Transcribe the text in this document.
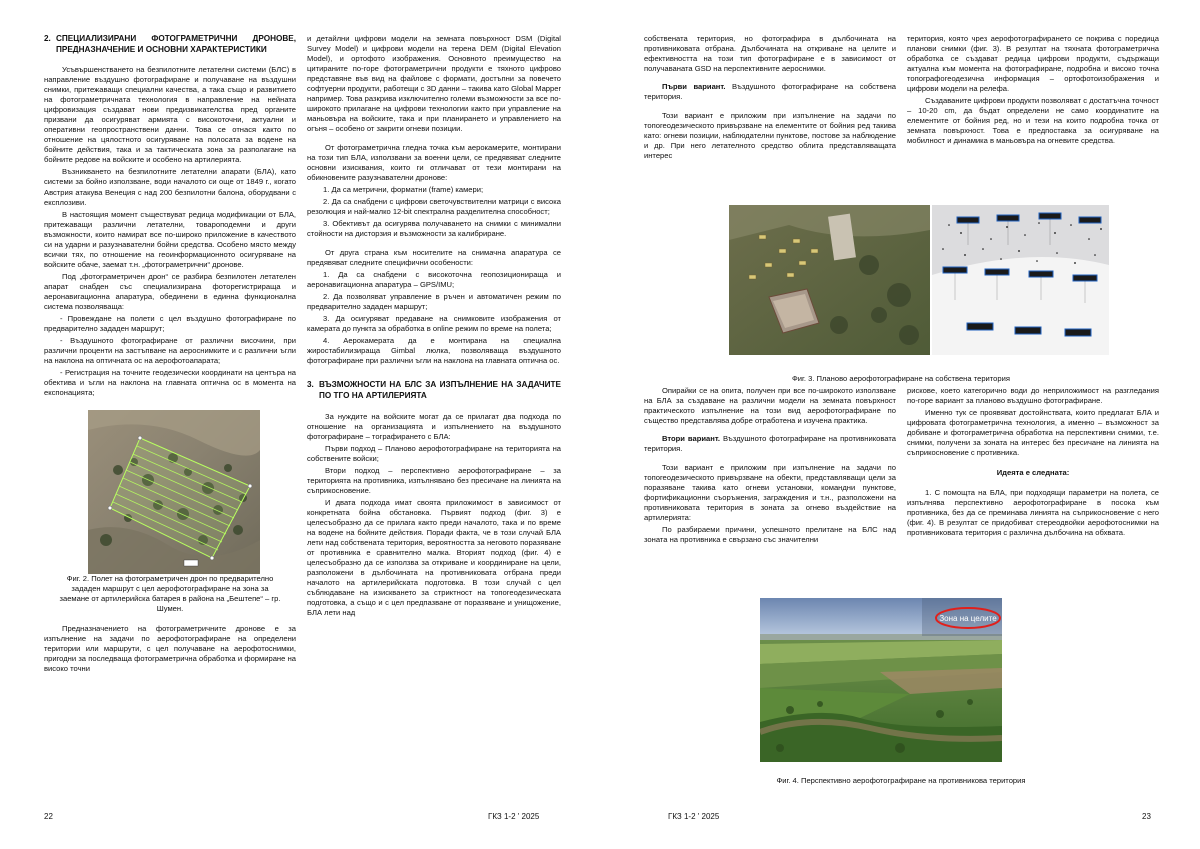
2. СПЕЦИАЛИЗИРАНИ ФОТОГРАМЕТРИЧНИ ДРОНОВЕ, ПРЕДНАЗНАЧЕНИЕ И ОСНОВНИ ХАРАКТЕРИСТИКИ

Усъвършенстването на безпилотните летателни системи (БЛС) в направление въздушно фотографиране и получаване на въздушни снимки, притежаващи специални качества, а така също и развитието на фотограметричната технология в направление на нейната цифровизация създават нови предизвикателства пред органите призвани да осигуряват армията с високоточни, актуални и оперативни геопространствени данни. Това се отнася както по отношение на цялостното осигуряване на полосата за водене на бойните действия, така и за тактическата зона за разполагане на бойните редове на войските и особено на артилерията.

Възникването на безпилотните летателни апарати (БЛА), като системи за бойно използване, води началото си още от 1849 г., когато Австрия атакува Венеция с над 200 безпилотни балона, оборудвани с експлозиви.

В настоящия момент съществуват редица модификации от БЛА, притежаващи различни летателни, товароподемни и други възможности, които намират все по-широко приложение в качеството си на ударни и разузнавателни бойни средства. Особено място между всички тях, по отношение на геоинформационното осигуряване на войските обаче, заемат т.н. „фотограметрични“ дронове.

Под „фотограметричен дрон“ се разбира безпилотен летателен апарат снабден със специализирана фоторегистрираща и аеронавигационна апаратура, обединени в единна функционална система позволяваща:

- Провеждане на полети с цел въздушно фотографиране по предварително зададен маршрут;

- Въздушното фотографиране от различни височини, при различни проценти на застъпване на аероснимките и с различни ъгли на наклона на оптичната ос на аерофотоапарата;

- Регистрация на точните геодезически координати на центъра на обектива и ъгли на наклона на главната оптична ос в момента на експонацията;

Фиг. 2. Полет на фотограметричен дрон по предварително зададен маршрут с цел аерофотографиране на зона за заемане от артилерийска батарея в района на „Бештепе“ – гр. Шумен.

Предназначението на фотограметричните дронове е за изпълнение на задачи по аерофотографиране на определени територии или маршрути, с цел получаване на аерофотоснимки, пригодни за последваща фотограметрична обработка и формиране на високо точни

и детайлни цифрови модели на земната повърхност DSM (Digital Survey Model) и цифрови модели на терена DEM (Digital Elevation Model), и ортофото изображения. Основното преимущество на цитираните по-горе фотограметрични продукти е тяхното цифрово представяне във вид на файлове с формати, достъпни за повечето софтуерни продукти, работещи с 3D данни – такива като Global Mapper например. Това разкрива изключително големи възможности за все по-широкото прилагане на цифрови технологии както при управление на маньовъра на войските, така и при планирането и управлението на огъня – особено от закрити огневи позиции.

От фотограметрична гледна точка към аерокамерите, монтирани на този тип БЛА, използвани за военни цели, се предявяват следните основни изисквания, които ги отличават от тези монтирани на обикновените разузнавателни дронове:

1. Да са метрични, форматни (frame) камери;

2. Да са снабдени с цифрови светочувствителни матрици с висока резолюция и най-малко 12-bit спектрална разделителна способност;

3. Обективът да осигурява получаването на снимки с минимални стойности на дисторзия и възможности за калибриране.

От друга страна към носителите на снимачна апаратура се предявяват следните специфични особености:

1. Да са снабдени с високоточна геопозиционираща и аеронавигационна апаратура – GPS/IMU;

2. Да позволяват управление в ръчен и автоматичен режим по предварително зададен маршрут;

3. Да осигуряват предаване на снимковите изображения от камерата до пункта за обработка в online режим по време на полета;

4. Аерокамерата да е монтирана на специална жиростабилизираща Gimbal люлка, позволяваща въздушното фотографиране при различни ъгли на наклона на главната оптична ос.

3. ВЪЗМОЖНОСТИ НА БЛС ЗА ИЗПЪЛНЕНИЕ НА ЗАДАЧИТЕ ПО ТГО НА АРТИЛЕРИЯТА

За нуждите на войските могат да се прилагат два подхода по отношение на организацията и изпълнението на въздушното фотографиране – тографирането с БЛА:

Първи подход – Планово аерофотографиране на територията на собствените войски;

Втори подход – перспективно аерофотографиране – за територията на противника, изпълнявано без пресичане на линията на съприкосновение.

И двата подхода имат своята приложимост в зависимост от конкретната бойна обстановка. Първият подход (фиг. 3) е целесъобразно да се прилага както преди началото, така и по време на водене на бойните действия. Поради факта, че в този случай БЛА лети над собствената територия, вероятността за неговото поразяване от противника е сравнително малка. Вторият подход (фиг. 4) е целесъобразно да се използва за откриване и координиране на цели, разположени в дълбочината на противниковата отбрана преди началото на артилерийската подготовка. В този случай с цел съблюдаване на изискването за стриктност на топогеодезическата подготовка, а също и с цел предпазване от поразяване и унищожение, БЛА лети над

22	ГКЗ 1-2 ' 2025

собствената територия, но фотографира в дълбочината на противниковата отбрана. Дълбочината на откриване на целите и ефективността на този тип фотографиране е в зависимост от получаваната GSD на перспективните аероснимки.

Първи вариант. Въздушното фотографиране на собствена територия.

Този вариант е приложим при изпълнение на задачи по топогеодезическото привързване на елементите от бойния ред такива като: огневи позиции, наблюдателни пунктове, постове за наблюдение и др. При него летателното средство облита представляващата интерес

територия, която чрез аерофотографирането се покрива с поредица планови снимки (фиг. 3). В резултат на тяхната фотограметрична обработка се създават редица цифрови продукти, съдържащи актуална към момента на фотографиране, подробна и високо точна топографогеодезична информация – ортофотоизображения и цифрови модели на релефа.

Създаваните цифрови продукти позволяват с достатъчна точност – 10-20 cm, да бъдат определени не само координатите на елементите от бойния ред, но и тези на които подробна точка от земната повърхност. Това е предпоставка за осигуряване на мобилност и динамика в маньовъра на огневите средства.

Фиг. 3. Планово аерофотографиране на собствена територия

Опирайки се на опита, получен при все по-широкото използване на БЛА за създаване на различни модели на земната повърхност практическото изпълнение на този вид аерофотографиране по същество представлява добре отработена и изучена практика.

Втори вариант. Въздушното фотографиране на противниковата територия.

Този вариант е приложим при изпълнение на задачи по топогеодезическото привързване на обекти, представляващи цели за поразяване такива като огневи установки, командни пунктове, фортификационни съоръжения, заграждения и т.н., разположени на противниковата територия в зоната за огнево въздействие на артилерията:

По разбираеми причини, успешното прелитане на БЛС над зоната на противника е свързано със значителни

рискове, което категорично води до неприложимост на разгледания по-горе вариант за планово въздушно фотографиране.

Именно тук се проявяват достойнствата, които предлагат БЛА и цифровата фотограметрична технология, а именно – възможност за добиване и фотограметрична обработка на перспективни снимки, т.е. снимки, получени за зоната на интерес без пресичане на линията на съприкосновение с противника.

Идеята е следната:

1. С помощта на БЛА, при подходящи параметри на полета, се изпълнява перспективно аерофотографиране в посока към противника, без да се преминава линията на съприкосновение с него (фиг. 4). В резултат се придобиват стереодвойки аерофотоснимки на противниковата територия с различна дълбочина на обхвата.

Зона на целите

Фиг. 4. Перспективно аерофотографиране на противникова територия

ГКЗ 1-2 ' 2025	23
